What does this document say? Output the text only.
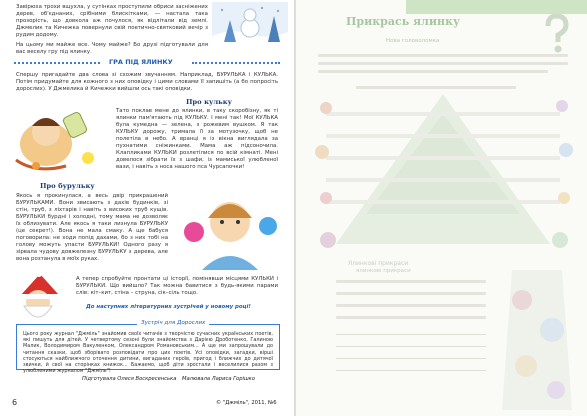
Завірюха трохи вщухла, у сутінках проступили обриси засніжених дерев, об'єднаних, срібними блискітками, — настала така прозорість, що довкола аж почулося, як відлітали від землі. Джмелик та Кичежка повернули свій поетично-святковий вечір з рудим додому.

На цьому ми майже все. Чому майже? Бо друзі підготували для вас веселу гру під ялинку.

ГРА ПІД ЯЛИНКУ

Спершу пригадайте два слова зі схожим звучанням. Наприклад, БУРУЛЬКА і КУЛЬКА. Потім придумайте для кожного з них оповідку і цими словами її запишіть (а бо попросіть дорослих). У Джмелика й Кичежки вийшли ось такі оповідки.

Про кульку

Тато поклав мене до ялинки, в таку скоробізну, як ті ялинки пам'ятають під КУЛЬКУ. І мені так! Мої КУЛЬКА була кумедна — зелена, з рожевим вушком. Я так КУЛЬКУ дорожу, тримала її за мотузочку, щоб не полетіла в небо. А вранці я із вікна виглядала за пухнатими сніжинками. Мама аж підсоночила. Клапликами КУЛЬКИ розлетілися по всій кімнаті. Мені довелося зібрати їх з шафи, із мамиської улюбленої вази, і навіть з носа нашого пса Чурсапочки!

Про бурульку

Якось я прокинулася, а весь двір прикрашений БУРУЛЬКАМИ. Вони звисають з дахів будинків, зі стін, труб, з ліхтарів і навіть з високих труб кущів. БУРУЛЬКИ бурдні і холодні, тому мама не дозволяє їх облизувати. Але якось я таки лизнула БУРУЛЬКУ (це секрет!). Вона не мала смаку. А ще бабуся поговорила: не ходи попід дахами, бо з них тобі на голову можуть упасти БУРУЛЬКИ! Одного разу я зірвала чудову довжелезну БУРУЛЬКУ з дерева, але вона розтанула в моїх руках.

А тепер спробуйте пронтати ці історії, помінявши місцями КУЛЬКИ і БУРУЛЬКИ. Що вийшло? Так можна бавитися з будь-якими парами слів: кіт–кит, стіна – струна, сік–сіль тощо.

До наступних літературних зустрічей у новому році!

Зустріч для Дорослих

Цього року журнал "Джміль" знайомив своїх читачів з творчістю сучасних українських поетів, які пишуть для дітей. У четвертому сезоні були знайомства з Дарією Дроботенко, Галиною Малик, Володимиром Вакуленком, Олександром Романовським... А ще ми запрошували до читання сказки, щоб зборівато розповідати про цих поетів. Усі оповідки, загадки, вірші стосуються найближчого оточення дитини, вигаданих героїв, пригод і ближчих до дитячої звички, й свої на сторінках книжок... Бажаємо, щоб діти зростали і веселилися разом з улюбленими журналом "Джміль"!

Підготувала Олеся Воскресенська Малювала Лариса Горішко
6	© "Джміль", 2011, №6
Прикрась ялинку
Нова головоломка
Ялинкові прикраси
ялинкові прикраси
